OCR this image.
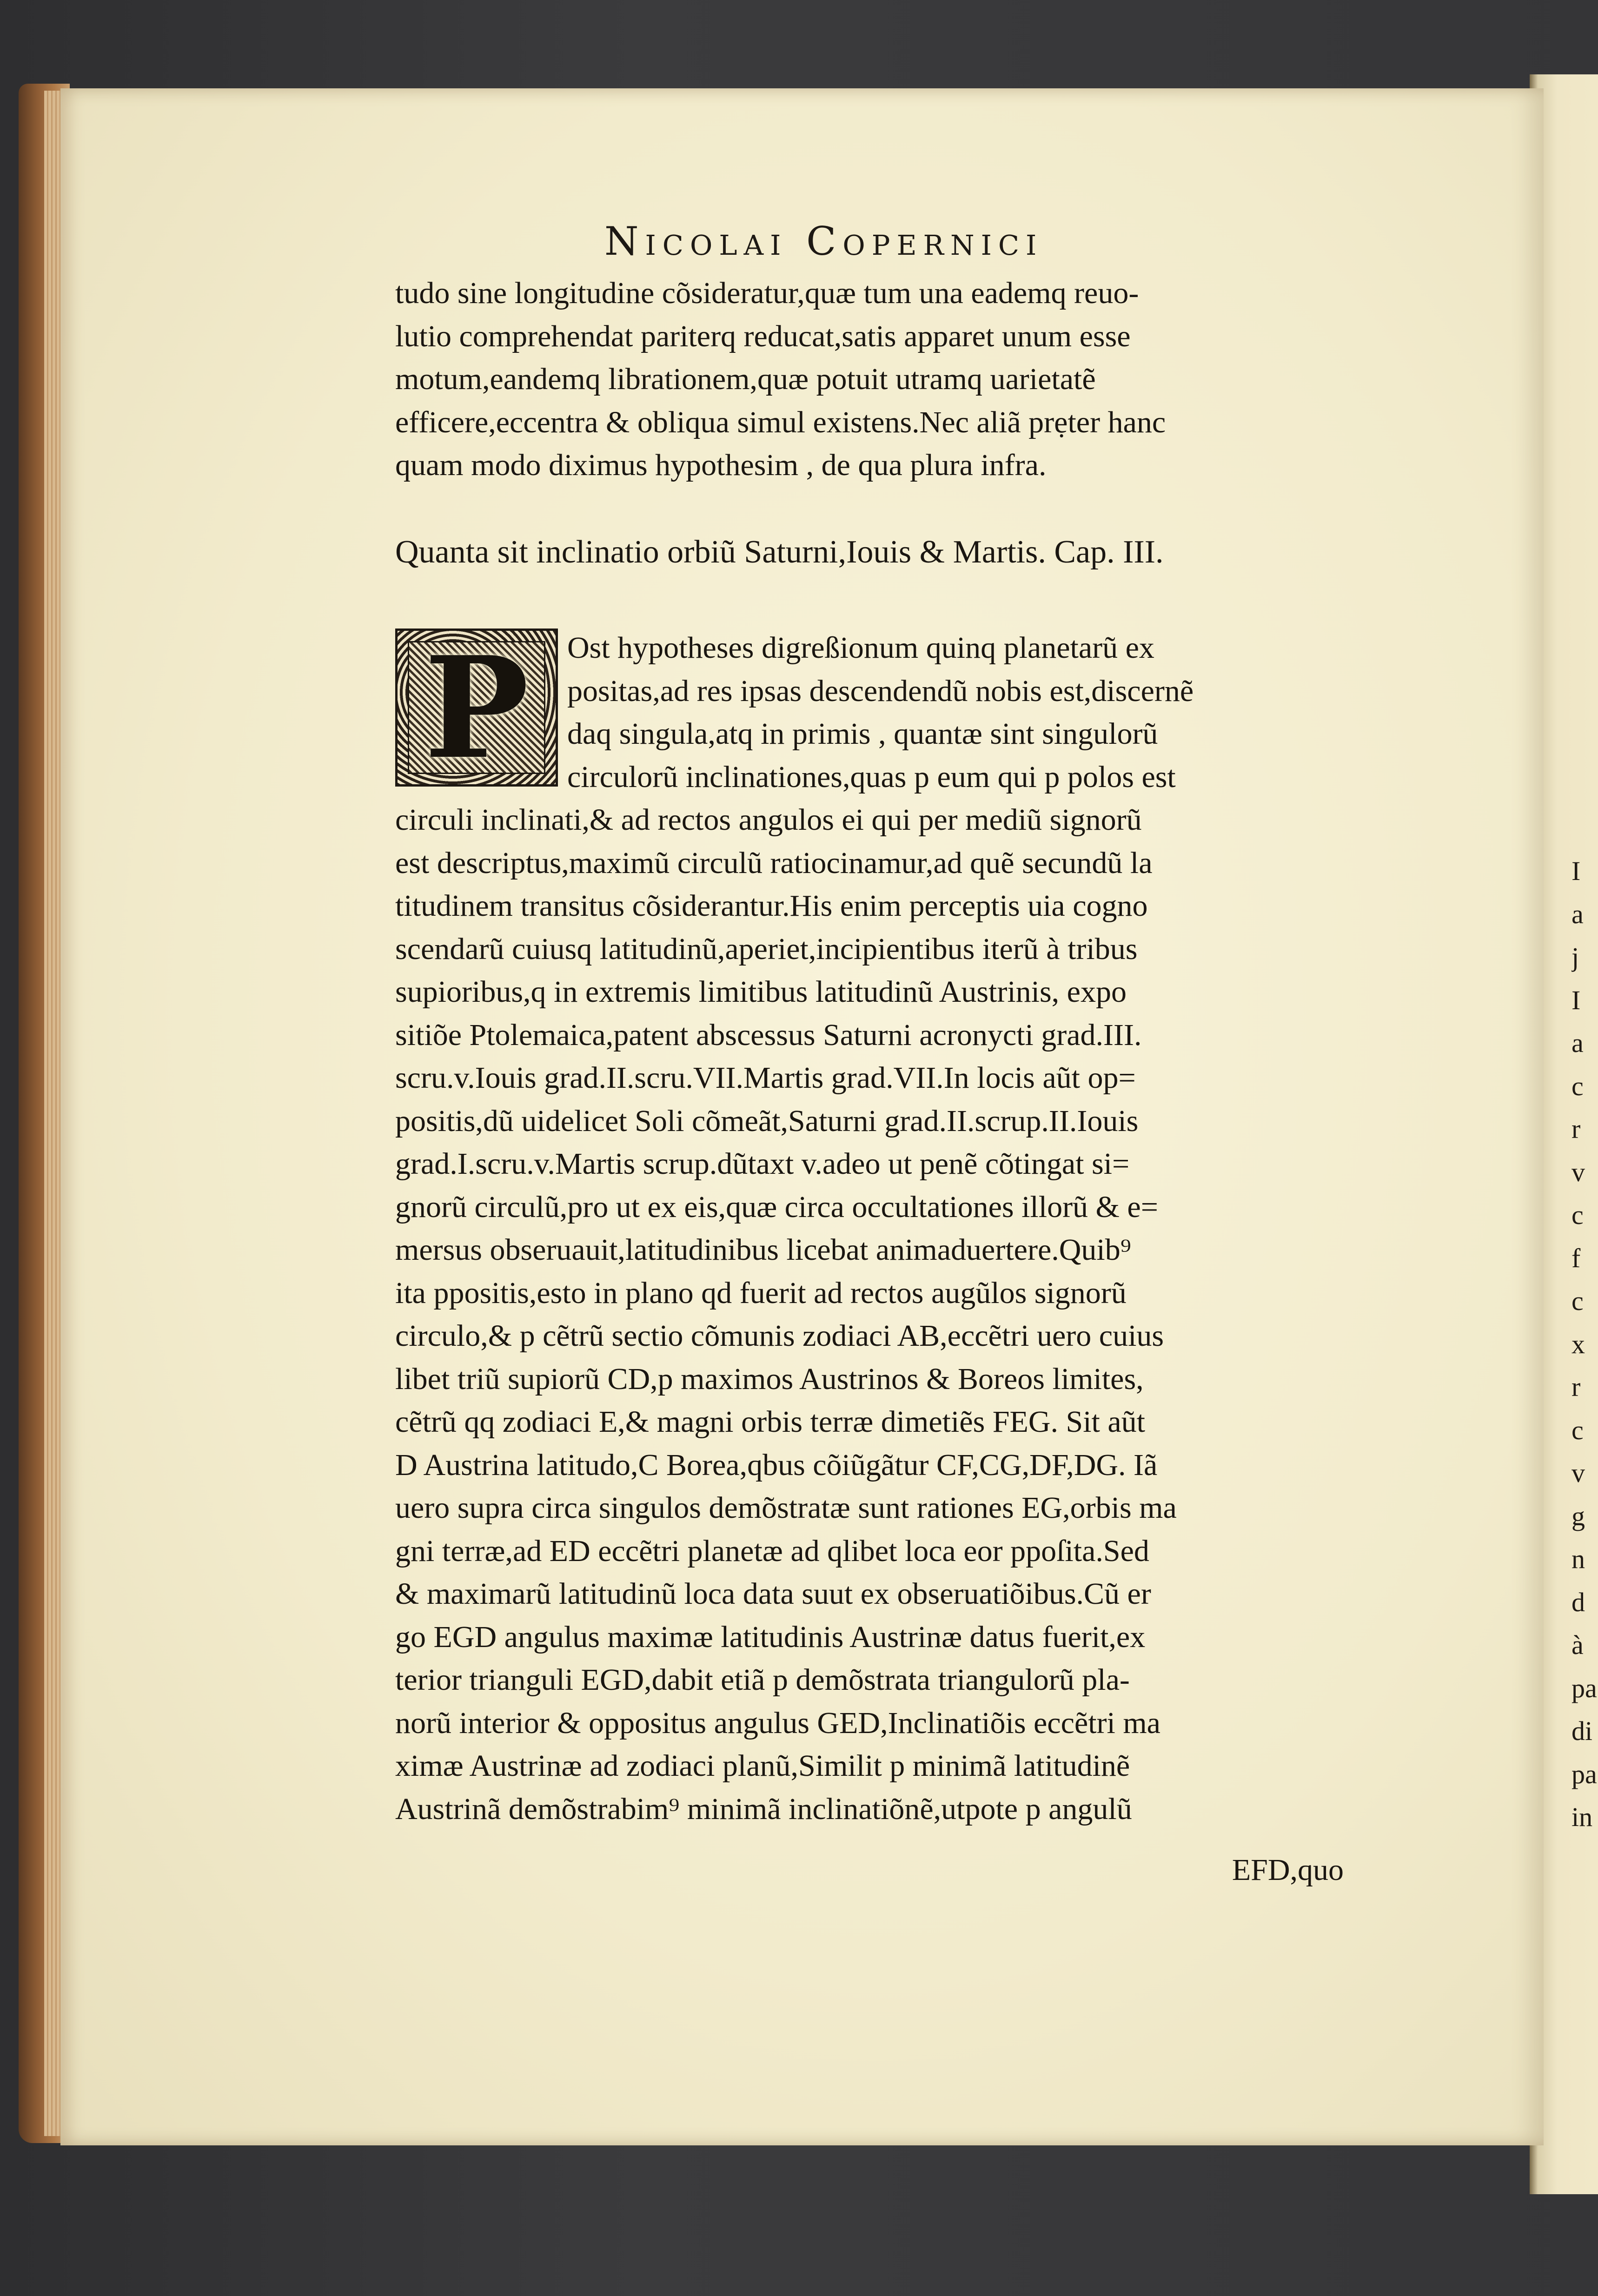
I
a
j
I
a
c
r
v
c
f
c
x
r
c
v
g
n
d
à
pa
di
pa
in
Nicolai Copernici
tudo sine longitudine cõsideratur,quæ tum una eademq reuo-
lutio comprehendat pariterq reducat,satis apparet unum esse
motum,eandemq librationem,quæ potuit utramq uarietatẽ
efficere,eccentra & obliqua simul existens.Nec aliã prẹter hanc
quam modo diximus hypothesim , de qua plura infra.
Quanta sit inclinatio orbiũ Saturni,Iouis & Martis. Cap. III.
P	Ost hypotheses digreßionum quinq planetarũ ex
positas,ad res ipsas descendendũ nobis est,discernẽ
daq singula,atq in primis , quantæ sint singulorũ
circulorũ inclinationes,quas p eum qui p polos est
circuli inclinati,& ad rectos angulos ei qui per mediũ signorũ
est descriptus,maximũ circulũ ratiocinamur,ad quẽ secundũ la
titudinem transitus cõsiderantur.His enim perceptis uia cogno
scendarũ cuiusq latitudinũ,aperiet,incipientibus iterũ à tribus
supioribus,q in extremis limitibus latitudinũ Austrinis, expo
sitiõe Ptolemaica,patent abscessus Saturni acronycti grad.III.
scru.v.Iouis grad.II.scru.VII.Martis grad.VII.In locis aũt op=
positis,dũ uidelicet Soli cõmeãt,Saturni grad.II.scrup.II.Iouis
grad.I.scru.v.Martis scrup.dũtaxt v.adeo ut penẽ cõtingat si=
gnorũ circulũ,pro ut ex eis,quæ circa occultationes illorũ & e=
mersus obseruauit,latitudinibus licebat animaduertere.Quib⁹
ita ppositis,esto in plano qd fuerit ad rectos augũlos signorũ
circulo,& p cẽtrũ sectio cõmunis zodiaci AB,eccẽtri uero cuius
libet triũ supiorũ CD,p maximos Austrinos & Boreos limites,
cẽtrũ qq zodiaci E,& magni orbis terræ dimetiẽs FEG. Sit aũt
D Austrina latitudo,C Borea,qbus cõiũgãtur CF,CG,DF,DG. Iã
uero supra circa singulos demõstratæ sunt rationes EG,orbis ma
gni terræ,ad ED eccẽtri planetæ ad qlibet loca eor ppoſita.Sed
& maximarũ latitudinũ loca data suut ex obseruatiõibus.Cũ er
go EGD angulus maximæ latitudinis Austrinæ datus fuerit,ex
terior trianguli EGD,dabit etiã p demõstrata triangulorũ pla-
norũ interior & oppositus angulus GED,Inclinatiõis eccẽtri ma
ximæ Austrinæ ad zodiaci planũ,Similit p minimã latitudinẽ
Austrinã demõstrabim⁹ minimã inclinatiõnẽ,utpote p angulũ
EFD,quo
